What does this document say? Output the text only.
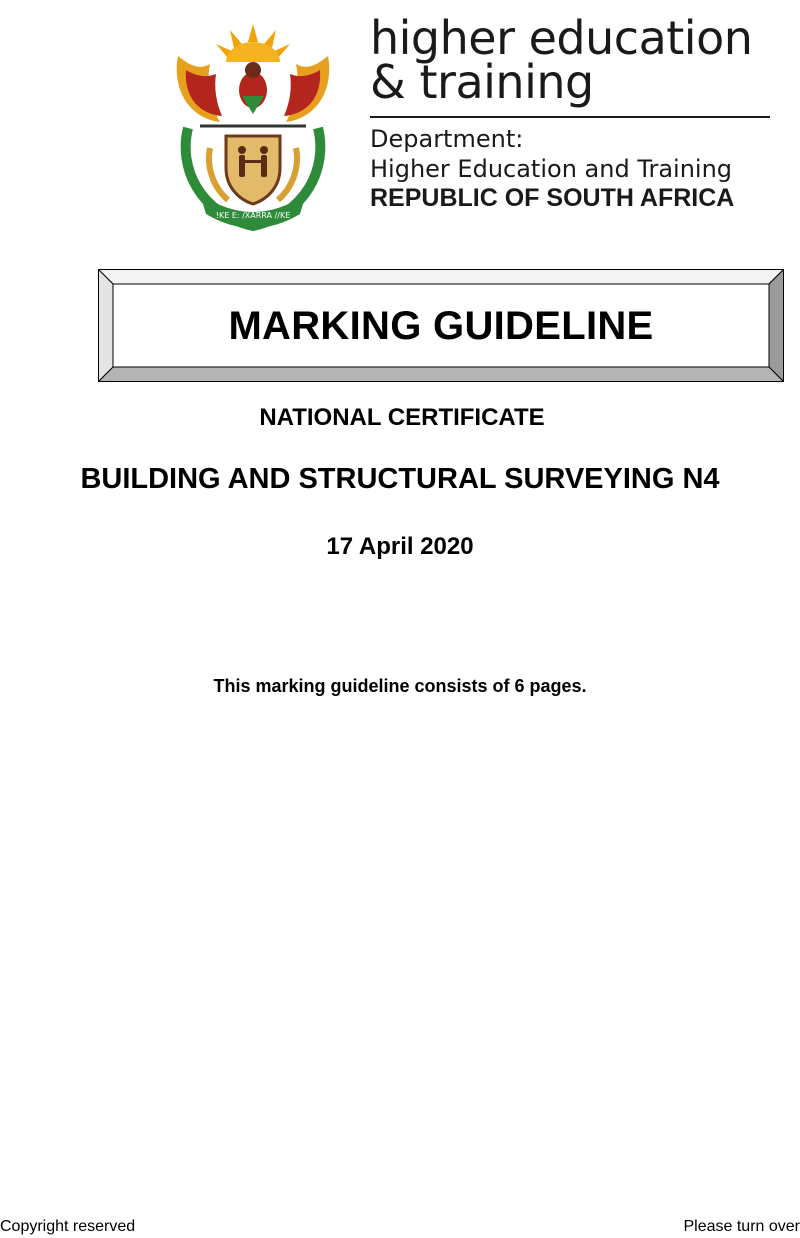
!KE E: /XARRA //KE
higher education
& training
Department:
Higher Education and Training
REPUBLIC OF SOUTH AFRICA
MARKING GUIDELINE
NATIONAL CERTIFICATE
BUILDING AND STRUCTURAL SURVEYING N4
17 April 2020
This marking guideline consists of 6 pages.
Copyright reserved	Please turn over
